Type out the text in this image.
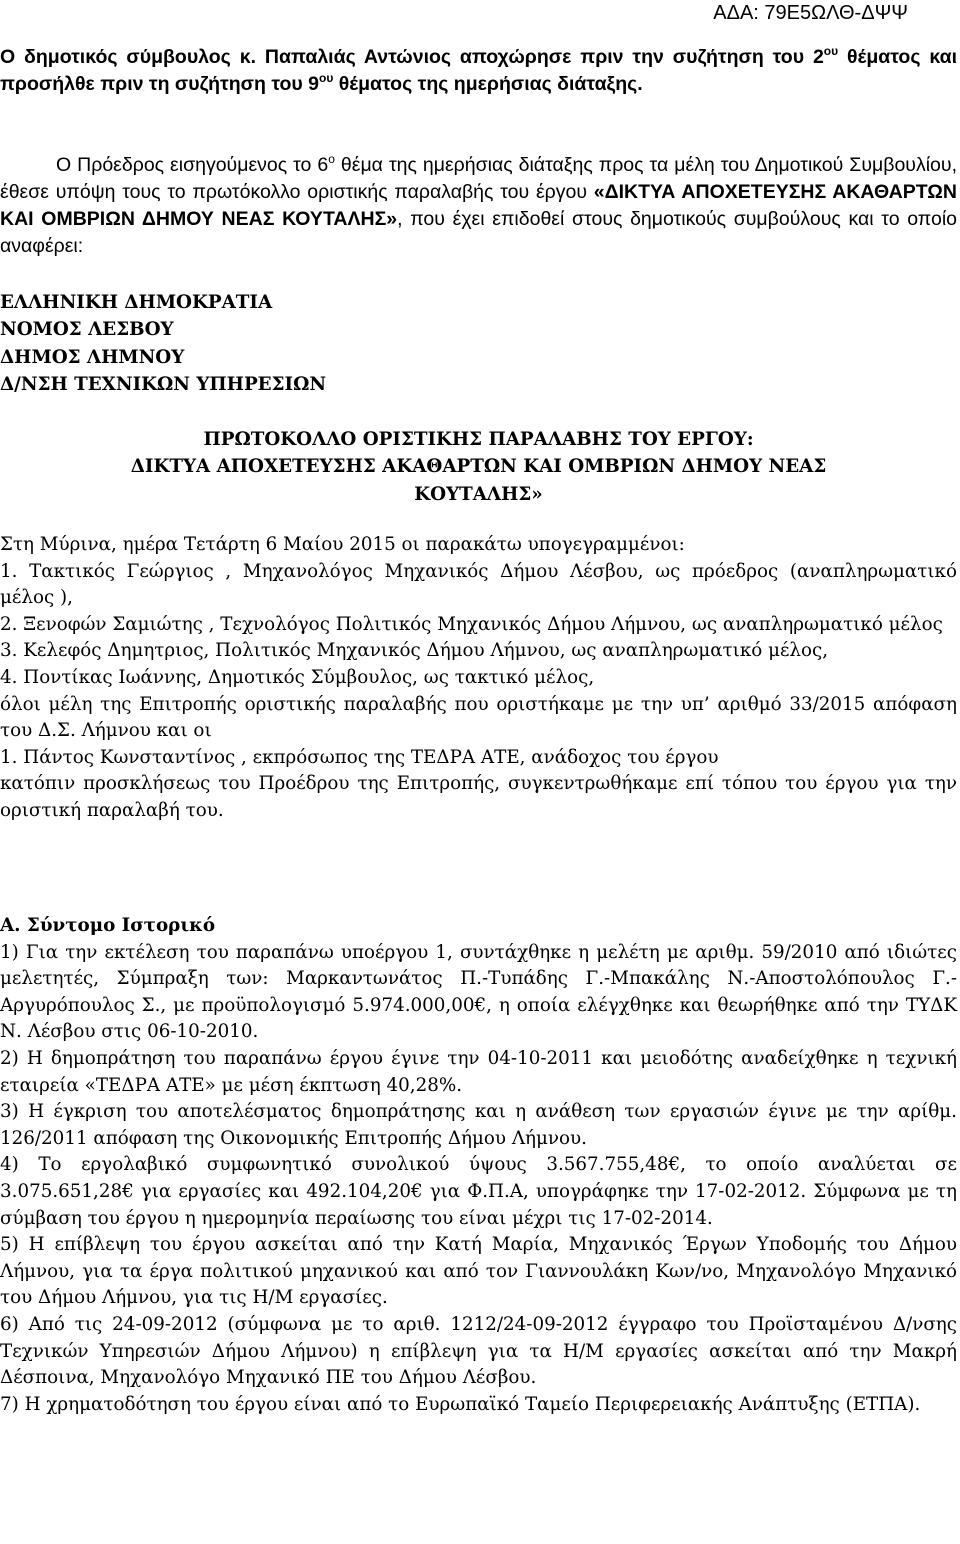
ΑΔΑ: 79Ε5ΩΛΘ-ΔΨΨ

Ο δημοτικός σύμβουλος κ. Παπαλιάς Αντώνιος αποχώρησε πριν την συζήτηση του $2^{o\upsilon}$ θέματος και προσήλθε πριν τη συζήτηση του $9^{o\upsilon}$ θέματος της ημερήσιας διάταξης.

Ο Πρόεδρος εισηγούμενος το $6^o$ θέμα της ημερήσιας διάταξης προς τα μέλη του Δημοτικού Συμβουλίου, έθεσε υπόψη τους το πρωτόκολλο οριστικής παραλαβής του έργου «ΔΙΚΤΥΑ ΑΠΟΧΕΤΕΥΣΗΣ ΑΚΑΘΑΡΤΩΝ ΚΑΙ ΟΜΒΡΙΩΝ ΔΗΜΟΥ ΝΕΑΣ ΚΟΥΤΑΛΗΣ», που έχει επιδοθεί στους δημοτικούς συμβούλους και το οποίο αναφέρει:

ΕΛΛΗΝΙΚΗ ΔΗΜΟΚΡΑΤΙΑ
ΝΟΜΟΣ ΛΕΣΒΟΥ
ΔΗΜΟΣ ΛΗΜΝΟΥ
Δ/ΝΣΗ ΤΕΧΝΙΚΩΝ ΥΠΗΡΕΣΙΩΝ
ΠΡΩΤΟΚΟΛΛΟ ΟΡΙΣΤΙΚΗΣ ΠΑΡΑΛΑΒΗΣ ΤΟΥ ΕΡΓΟΥ:
ΔΙΚΤΥΑ ΑΠΟΧΕΤΕΥΣΗΣ ΑΚΑΘΑΡΤΩΝ ΚΑΙ ΟΜΒΡΙΩΝ ΔΗΜΟΥ ΝΕΑΣ
ΚΟΥΤΑΛΗΣ»

Στη Μύρινα, ημέρα Τετάρτη 6 Μαίου 2015 οι παρακάτω υπογεγραμμένοι:

1. Τακτικός Γεώργιος , Μηχανολόγος Μηχανικός Δήμου Λέσβου, ως πρόεδρος (αναπληρωματικό μέλος ),

2. Ξενοφών Σαμιώτης , Τεχνολόγος Πολιτικός Μηχανικός Δήμου Λήμνου, ως αναπληρωματικό μέλος

3. Κελεφός Δημητριος, Πολιτικός Μηχανικός Δήμου Λήμνου, ως αναπληρωματικό μέλος,

4. Ποντίκας Ιωάννης, Δημοτικός Σύμβουλος, ως τακτικό μέλος,

όλοι μέλη της Επιτροπής οριστικής παραλαβής που οριστήκαμε με την υπ’ αριθμό 33/2015 απόφαση του Δ.Σ. Λήμνου και οι

1. Πάντος Κωνσταντίνος , εκπρόσωπος της ΤΕΔΡΑ ΑΤΕ, ανάδοχος του έργου

κατόπιν προσκλήσεως του Προέδρου της Επιτροπής, συγκεντρωθήκαμε επί τόπου του έργου για την οριστική παραλαβή του.

Α. Σύντομο Ιστορικό

1) Για την εκτέλεση του παραπάνω υποέργου 1, συντάχθηκε η μελέτη με αριθμ. 59/2010 από ιδιώτες μελετητές, Σύμπραξη των: Μαρκαντωνάτος Π.-Τυπάδης Γ.-Μπακάλης Ν.-Αποστολόπουλος Γ.-Αργυρόπουλος Σ., με προϋπολογισμό 5.974.000,00€, η οποία ελέγχθηκε και θεωρήθηκε από την ΤΥΔΚ Ν. Λέσβου στις 06-10-2010.

2) Η δημοπράτηση του παραπάνω έργου έγινε την 04-10-2011 και μειοδότης αναδείχθηκε η τεχνική εταιρεία «ΤΕΔΡΑ ΑΤΕ» με μέση έκπτωση 40,28%.

3) Η έγκριση του αποτελέσματος δημοπράτησης και η ανάθεση των εργασιών έγινε με την αρίθμ. 126/2011 απόφαση της Οικονομικής Επιτροπής Δήμου Λήμνου.

4) Το εργολαβικό συμφωνητικό συνολικού ύψους 3.567.755,48€, το οποίο αναλύεται σε 3.075.651,28€ για εργασίες και 492.104,20€ για Φ.Π.Α, υπογράφηκε την 17-02-2012. Σύμφωνα με τη σύμβαση του έργου η ημερομηνία περαίωσης του είναι μέχρι τις 17-02-2014.

5) Η επίβλεψη του έργου ασκείται από την Κατή Μαρία, Μηχανικός Έργων Υποδομής του Δήμου Λήμνου, για τα έργα πολιτικού μηχανικού και από τον Γιαννουλάκη Κων/νο, Μηχανολόγο Μηχανικό του Δήμου Λήμνου, για τις Η/Μ εργασίες.

6) Από τις 24-09-2012 (σύμφωνα με το αριθ. 1212/24-09-2012 έγγραφο του Προϊσταμένου Δ/νσης Τεχνικών Υπηρεσιών Δήμου Λήμνου) η επίβλεψη για τα Η/Μ εργασίες ασκείται από την Μακρή Δέσποινα, Μηχανολόγο Μηχανικό ΠΕ του Δήμου Λέσβου.

7) Η χρηματοδότηση του έργου είναι από το Ευρωπαϊκό Ταμείο Περιφερειακής Ανάπτυξης (ΕΤΠΑ).
